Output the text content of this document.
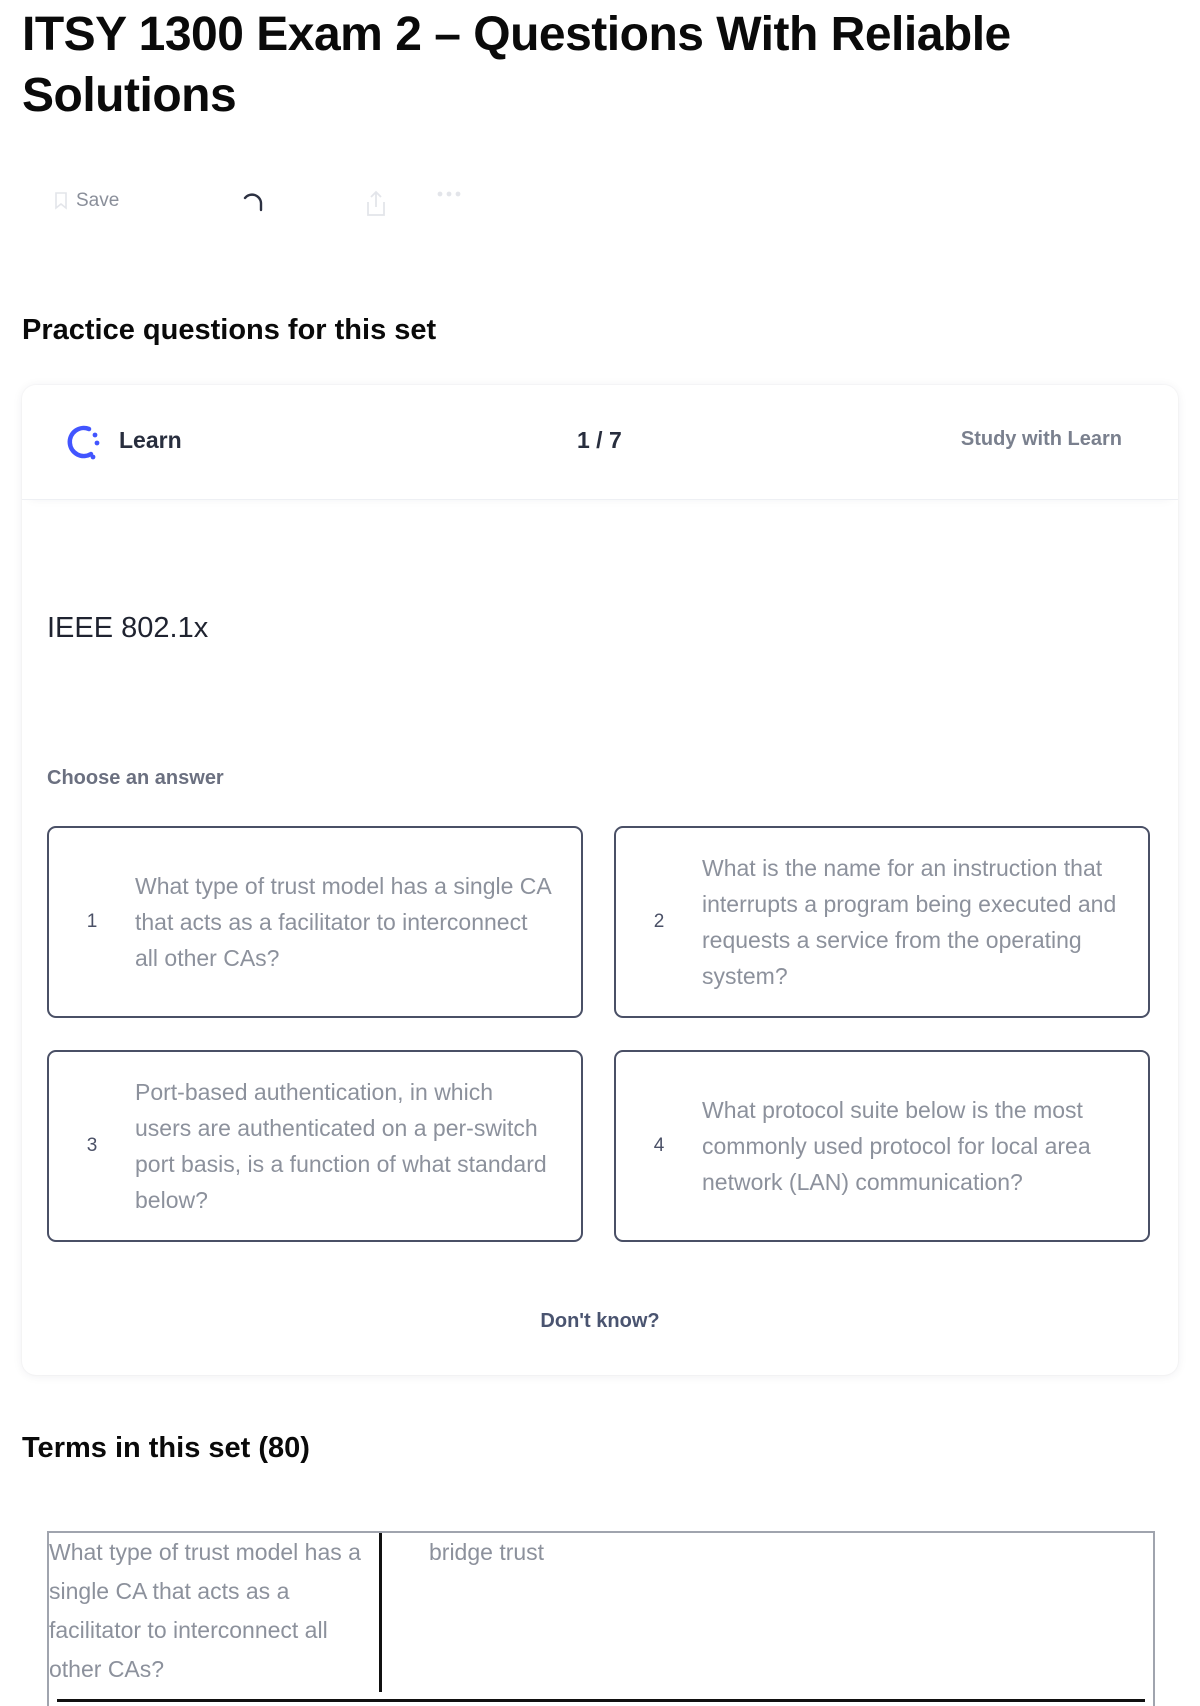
ITSY 1300 Exam 2 – Questions With Reliable Solutions
Save
Practice questions for this set
Learn	1 / 7	Study with Learn
IEEE 802.1x
Choose an answer
1
What type of trust model has a single CA that acts as a facilitator to interconnect all other CAs?
2
What is the name for an instruction that interrupts a program being executed and requests a service from the operating system?
3
Port-based authentication, in which users are authenticated on a per-switch port basis, is a function of what standard below?
4
What protocol suite below is the most commonly used protocol for local area network (LAN) communication?
Don't know?
Terms in this set (80)
What type of trust model has a single CA that acts as a facilitator to interconnect all other CAs?
bridge trust
